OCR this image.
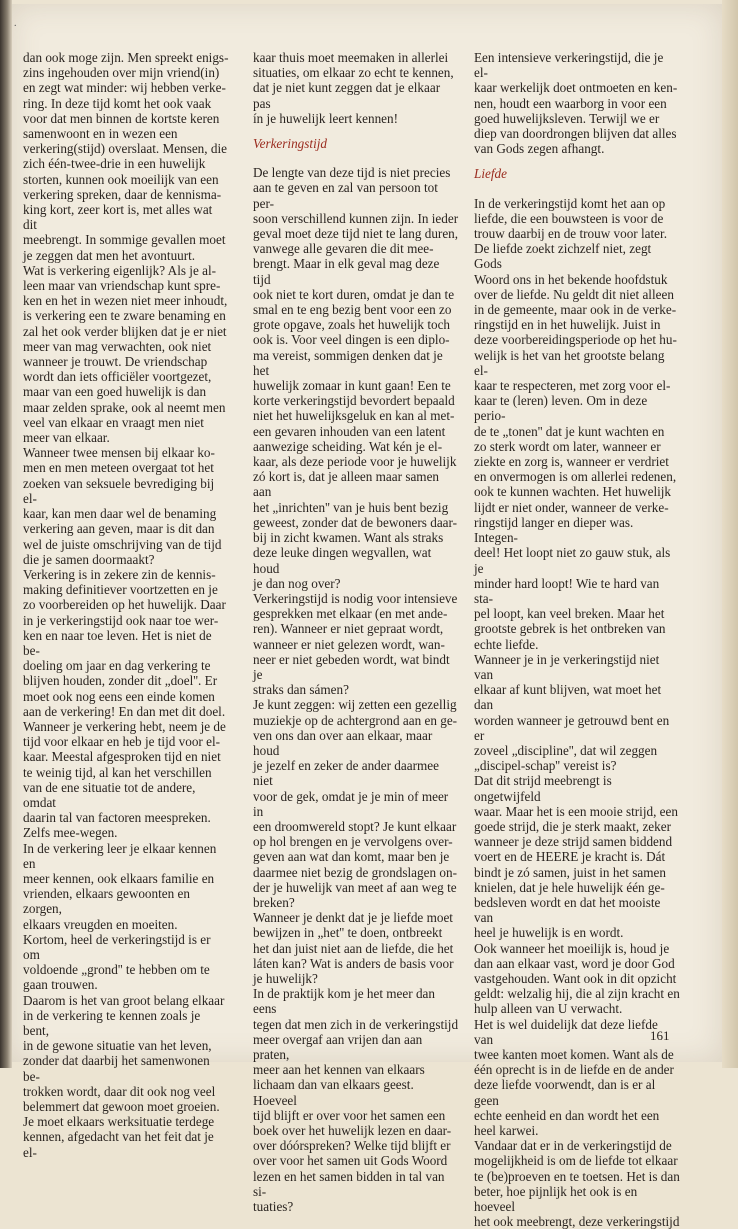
.

dan ook moge zijn. Men spreekt enigs-

zins ingehouden over mijn vriend(in)

en zegt wat minder: wij hebben verke-

ring. In deze tijd komt het ook vaak

voor dat men binnen de kortste keren

samenwoont en in wezen een

verkering(stijd) overslaat. Mensen, die

zich één-twee-drie in een huwelijk

storten, kunnen ook moeilijk van een

verkering spreken, daar de kennisma-

king kort, zeer kort is, met alles wat dit

meebrengt. In sommige gevallen moet

je zeggen dat men het avontuurt.

Wat is verkering eigenlijk? Als je al-

leen maar van vriendschap kunt spre-

ken en het in wezen niet meer inhoudt,

is verkering een te zware benaming en

zal het ook verder blijken dat je er niet

meer van mag verwachten, ook niet

wanneer je trouwt. De vriendschap

wordt dan iets officiëler voortgezet,

maar van een goed huwelijk is dan

maar zelden sprake, ook al neemt men

veel van elkaar en vraagt men niet

meer van elkaar.

Wanneer twee mensen bij elkaar ko-

men en men meteen overgaat tot het

zoeken van seksuele bevrediging bij el-

kaar, kan men daar wel de benaming

verkering aan geven, maar is dit dan

wel de juiste omschrijving van de tijd

die je samen doormaakt?

Verkering is in zekere zin de kennis-

making definitiever voortzetten en je

zo voorbereiden op het huwelijk. Daar

in je verkeringstijd ook naar toe wer-

ken en naar toe leven. Het is niet de be-

doeling om jaar en dag verkering te

blijven houden, zonder dit „doel''. Er

moet ook nog eens een einde komen

aan de verkering! En dan met dit doel.

Wanneer je verkering hebt, neem je de

tijd voor elkaar en heb je tijd voor el-

kaar. Meestal afgesproken tijd en niet

te weinig tijd, al kan het verschillen

van de ene situatie tot de andere, omdat

daarin tal van factoren meespreken.

Zelfs mee-wegen.

In de verkering leer je elkaar kennen en

meer kennen, ook elkaars familie en

vrienden, elkaars gewoonten en zorgen,

elkaars vreugden en moeiten.

Kortom, heel de verkeringstijd is er om

voldoende „grond'' te hebben om te

gaan trouwen.

Daarom is het van groot belang elkaar

in de verkering te kennen zoals je bent,

in de gewone situatie van het leven,

zonder dat daarbij het samenwonen be-

trokken wordt, daar dit ook nog veel

belemmert dat gewoon moet groeien.

Je moet elkaars werksituatie terdege

kennen, afgedacht van het feit dat je el-

kaar thuis moet meemaken in allerlei

situaties, om elkaar zo echt te kennen,

dat je niet kunt zeggen dat je elkaar pas

ín je huwelijk leert kennen!

Verkeringstijd

De lengte van deze tijd is niet precies

aan te geven en zal van persoon tot per-

soon verschillend kunnen zijn. In ieder

geval moet deze tijd niet te lang duren,

vanwege alle gevaren die dit mee-

brengt. Maar in elk geval mag deze tijd

ook niet te kort duren, omdat je dan te

smal en te eng bezig bent voor een zo

grote opgave, zoals het huwelijk toch

ook is. Voor veel dingen is een diplo-

ma vereist, sommigen denken dat je het

huwelijk zomaar in kunt gaan! Een te

korte verkeringstijd bevordert bepaald

niet het huwelijksgeluk en kan al met-

een gevaren inhouden van een latent

aanwezige scheiding. Wat kén je el-

kaar, als deze periode voor je huwelijk

zó kort is, dat je alleen maar samen aan

het „inrichten'' van je huis bent bezig

geweest, zonder dat de bewoners daar-

bij in zicht kwamen. Want als straks

deze leuke dingen wegvallen, wat houd

je dan nog over?

Verkeringstijd is nodig voor intensieve

gesprekken met elkaar (en met ande-

ren). Wanneer er niet gepraat wordt,

wanneer er niet gelezen wordt, wan-

neer er niet gebeden wordt, wat bindt je

straks dan sámen?

Je kunt zeggen: wij zetten een gezellig

muziekje op de achtergrond aan en ge-

ven ons dan over aan elkaar, maar houd

je jezelf en zeker de ander daarmee niet

voor de gek, omdat je je min of meer in

een droomwereld stopt? Je kunt elkaar

op hol brengen en je vervolgens over-

geven aan wat dan komt, maar ben je

daarmee niet bezig de grondslagen on-

der je huwelijk van meet af aan weg te

breken?

Wanneer je denkt dat je je liefde moet

bewijzen in „het'' te doen, ontbreekt

het dan juist niet aan de liefde, die het

láten kan? Wat is anders de basis voor

je huwelijk?

In de praktijk kom je het meer dan eens

tegen dat men zich in de verkeringstijd

meer overgaf aan vrijen dan aan praten,

meer aan het kennen van elkaars

lichaam dan van elkaars geest. Hoeveel

tijd blijft er over voor het samen een

boek over het huwelijk lezen en daar-

over dóórspreken? Welke tijd blijft er

over voor het samen uit Gods Woord

lezen en het samen bidden in tal van si-

tuaties?

Een intensieve verkeringstijd, die je el-

kaar werkelijk doet ontmoeten en ken-

nen, houdt een waarborg in voor een

goed huwelijksleven. Terwijl we er

diep van doordrongen blijven dat alles

van Gods zegen afhangt.

Liefde

In de verkeringstijd komt het aan op

liefde, die een bouwsteen is voor de

trouw daarbij en de trouw voor later.

De liefde zoekt zichzelf niet, zegt Gods

Woord ons in het bekende hoofdstuk

over de liefde. Nu geldt dit niet alleen

in de gemeente, maar ook in de verke-

ringstijd en in het huwelijk. Juist in

deze voorbereidingsperiode op het hu-

welijk is het van het grootste belang el-

kaar te respecteren, met zorg voor el-

kaar te (leren) leven. Om in deze perio-

de te „tonen'' dat je kunt wachten en

zo sterk wordt om later, wanneer er

ziekte en zorg is, wanneer er verdriet

en onvermogen is om allerlei redenen,

ook te kunnen wachten. Het huwelijk

lijdt er niet onder, wanneer de verke-

ringstijd langer en dieper was. Integen-

deel! Het loopt niet zo gauw stuk, als je

minder hard loopt! Wie te hard van sta-

pel loopt, kan veel breken. Maar het

grootste gebrek is het ontbreken van

echte liefde.

Wanneer je in je verkeringstijd niet van

elkaar af kunt blijven, wat moet het dan

worden wanneer je getrouwd bent en er

zoveel „discipline'', dat wil zeggen

„discipel-schap'' vereist is?

Dat dit strijd meebrengt is ongetwijfeld

waar. Maar het is een mooie strijd, een

goede strijd, die je sterk maakt, zeker

wanneer je deze strijd samen biddend

voert en de HEERE je kracht is. Dát

bindt je zó samen, juist in het samen

knielen, dat je hele huwelijk één ge-

bedsleven wordt en dat het mooiste van

heel je huwelijk is en wordt.

Ook wanneer het moeilijk is, houd je

dan aan elkaar vast, word je door God

vastgehouden. Want ook in dit opzicht

geldt: welzalig hij, die al zijn kracht en

hulp alleen van U verwacht.

Het is wel duidelijk dat deze liefde van

twee kanten moet komen. Want als de

één oprecht is in de liefde en de ander

deze liefde voorwendt, dan is er al geen

echte eenheid en dan wordt het een

heel karwei.

Vandaar dat er in de verkeringstijd de

mogelijkheid is om de liefde tot elkaar

te (be)proeven en te toetsen. Het is dan

beter, hoe pijnlijk het ook is en hoeveel

het ook meebrengt, deze verkeringstijd

161
